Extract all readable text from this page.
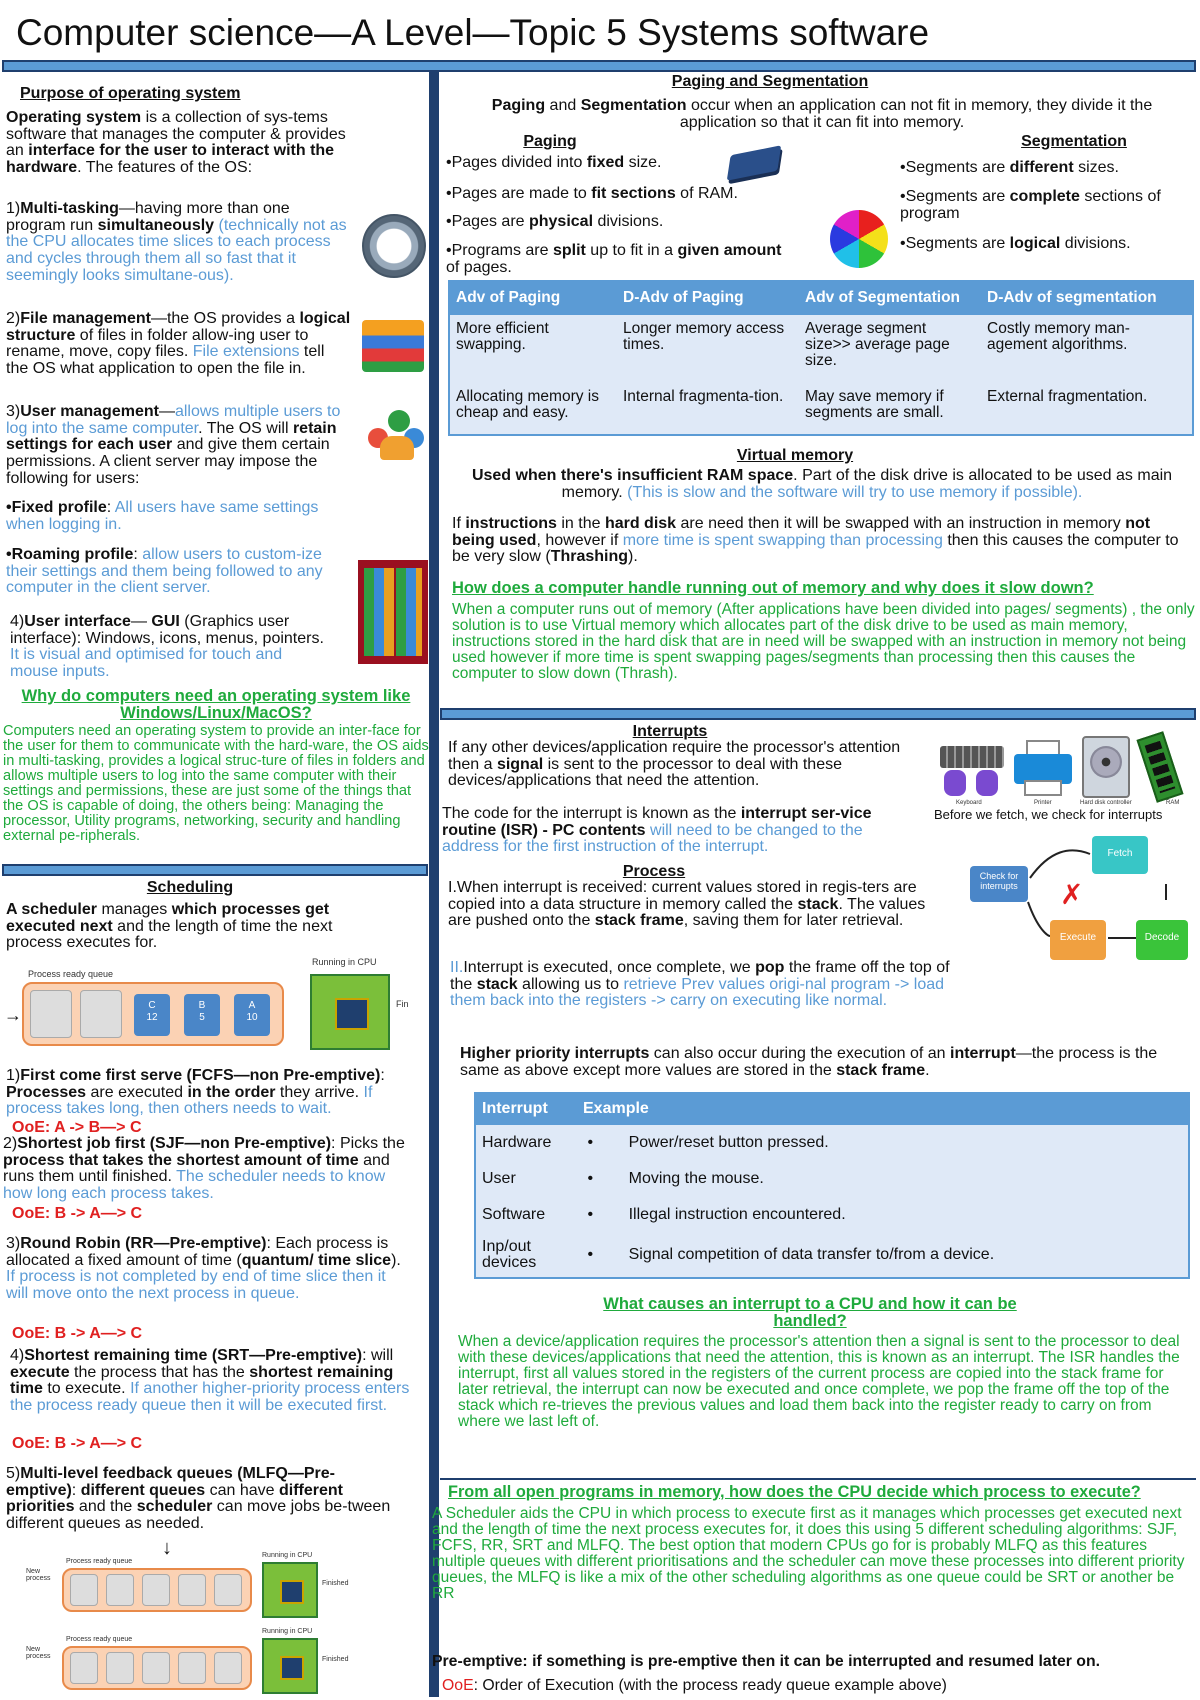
Computer science—A Level—Topic 5 Systems software
Purpose of operating system
Operating system is a collection of sys-tems software that manages the computer & provides an interface for the user to interact with the hardware. The features of the OS:
1)Multi-tasking—having more than one program run simultaneously (technically not as the CPU allocates time slices to each process and cycles through them all so fast that it seemingly looks simultane-ous).
2)File management—the OS provides a logical structure of files in folder allow-ing user to rename, move, copy files. File extensions tell the OS what application to open the file in.
3)User management—allows multiple users to log into the same computer. The OS will retain settings for each user and give them certain permissions. A client server may impose the following for users:
•Fixed profile: All users have same settings when logging in.
•Roaming profile: allow users to custom-ize their settings and them being followed to any computer in the client server.
4)User interface— GUI (Graphics user interface): Windows, icons, menus, pointers. It is visual and optimised for touch and mouse inputs.
Why do computers need an operating system like Windows/Linux/MacOS?
Computers need an operating system to provide an inter-face for the user for them to communicate with the hard-ware, the OS aids in multi-tasking, provides a logical struc-ture of files in folders and allows multiple users to log into the same computer with their settings and permissions, these are just some of the things that the OS is capable of doing, the others being: Managing the processor, Utility programs, networking, security and handling external pe-ripherals.
Scheduling
A scheduler manages which processes get executed next and the length of time the next process executes for.
Process ready queue
Running in CPU
→	C
12
B
5
A
10
Fin
1)First come first serve (FCFS—non Pre-emptive): Processes are executed in the order they arrive. If process takes long, then others needs to wait.
OoE: A -> B—> C
2)Shortest job first (SJF—non Pre-emptive): Picks the process that takes the shortest amount of time and runs them until finished. The scheduler needs to know how long each process takes.
OoE: B -> A—> C
3)Round Robin (RR—Pre-emptive): Each process is allocated a fixed amount of time (quantum/ time slice). If process is not completed by end of time slice then it will move onto the next process in queue.
OoE: B -> A—> C
4)Shortest remaining time (SRT—Pre-emptive): will execute the process that has the shortest remaining time to execute. If another higher-priority process enters the process ready queue then it will be executed first.
OoE: B -> A—> C
5)Multi-level feedback queues (MLFQ—Pre-emptive): different queues can have different priorities and the scheduler can move jobs be-tween different queues as needed.
↓
Process ready queue
Running in CPU
New process
Finished
Process ready queue
Running in CPU
New process	Finished
Paging and Segmentation
Paging and Segmentation occur when an application can not fit in memory, they divide it the application so that it can fit into memory.
Paging	Segmentation
•Pages divided into fixed size.
•Pages are made to fit sections of RAM.
•Pages are physical divisions.
•Programs are split up to fit in a given amount of pages.
•Segments are different sizes.
•Segments are complete sections of program
•Segments are logical divisions.
Adv of Paging	D-Adv of Paging	Adv of Segmentation	D-Adv of segmentation
More efficient swapping.	Longer memory access times.	Average segment size>> average page size.	Costly memory man-agement algorithms.
Allocating memory is cheap and easy.	Internal fragmenta-tion.	May save memory if segments are small.	External fragmentation.
Virtual memory
Used when there's insufficient RAM space. Part of the disk drive is allocated to be used as main memory. (This is slow and the software will try to use memory if possible).
If instructions in the hard disk are need then it will be swapped with an instruction in memory not being used, however if more time is spent swapping than processing then this causes the computer to be very slow (Thrashing).
How does a computer handle running out of memory and why does it slow down?
When a computer runs out of memory (After applications have been divided into pages/ segments) , the only solution is to use Virtual memory which allocates part of the disk drive to be used as main memory, instructions stored in the hard disk that are in need will be swapped with an instruction in memory not being used however if more time is spent swapping pages/segments than processing then this causes the computer to slow down (Thrash).
Interrupts
If any other devices/application require the processor's attention then a signal is sent to the processor to deal with these devices/applications that need the attention.
Keyboard	Printer	Hard disk controller	RAM
Before we fetch, we check for interrupts
The code for the interrupt is known as the interrupt ser-vice routine (ISR) - PC contents will need to be changed to the address for the first instruction of the interrupt.
Check for interrupts
Fetch
Decode
Execute
✗
Process
I.When interrupt is received: current values stored in regis-ters are copied into a data structure in memory called the stack. The values are pushed onto the stack frame, saving them for later retrieval.
II.Interrupt is executed, once complete, we pop the frame off the top of the stack allowing us to retrieve Prev values origi-nal program -> load them back into the registers -> carry on executing like normal.
Higher priority interrupts can also occur during the execution of an interrupt—the process is the same as above except more values are stored in the stack frame.
Interrupt	Example
Hardware	•        Power/reset button pressed.
User	•        Moving the mouse.
Software	•        Illegal instruction encountered.
Inp/out devices	•        Signal competition of data transfer to/from a device.
What causes an interrupt to a CPU and how it can be handled?
When a device/application requires the processor's attention then a signal is sent to the processor to deal with these devices/applications that need the attention, this is known as an interrupt. The ISR handles the interrupt, first all values stored in the registers of the current process are copied into the stack frame for later retrieval, the interrupt can now be executed and once complete, we pop the frame off the top of the stack which re-trieves the previous values and load them back into the register ready to carry on from where we last left of.
From all open programs in memory, how does the CPU decide which process to execute?
A Scheduler aids the CPU in which process to execute first as it manages which processes get executed next and the length of time the next process executes for, it does this using 5 different scheduling algorithms: SJF, FCFS, RR, SRT and MLFQ. The best option that modern CPUs go for is probably MLFQ as this features multiple queues with different prioritisations and the scheduler can move these processes into different priority queues, the MLFQ is like a mix of the other scheduling algorithms as one queue could be SRT or another be RR
Pre-emptive: if something is pre-emptive then it can be interrupted and resumed later on.
OoE: Order of Execution (with the process ready queue example above)
